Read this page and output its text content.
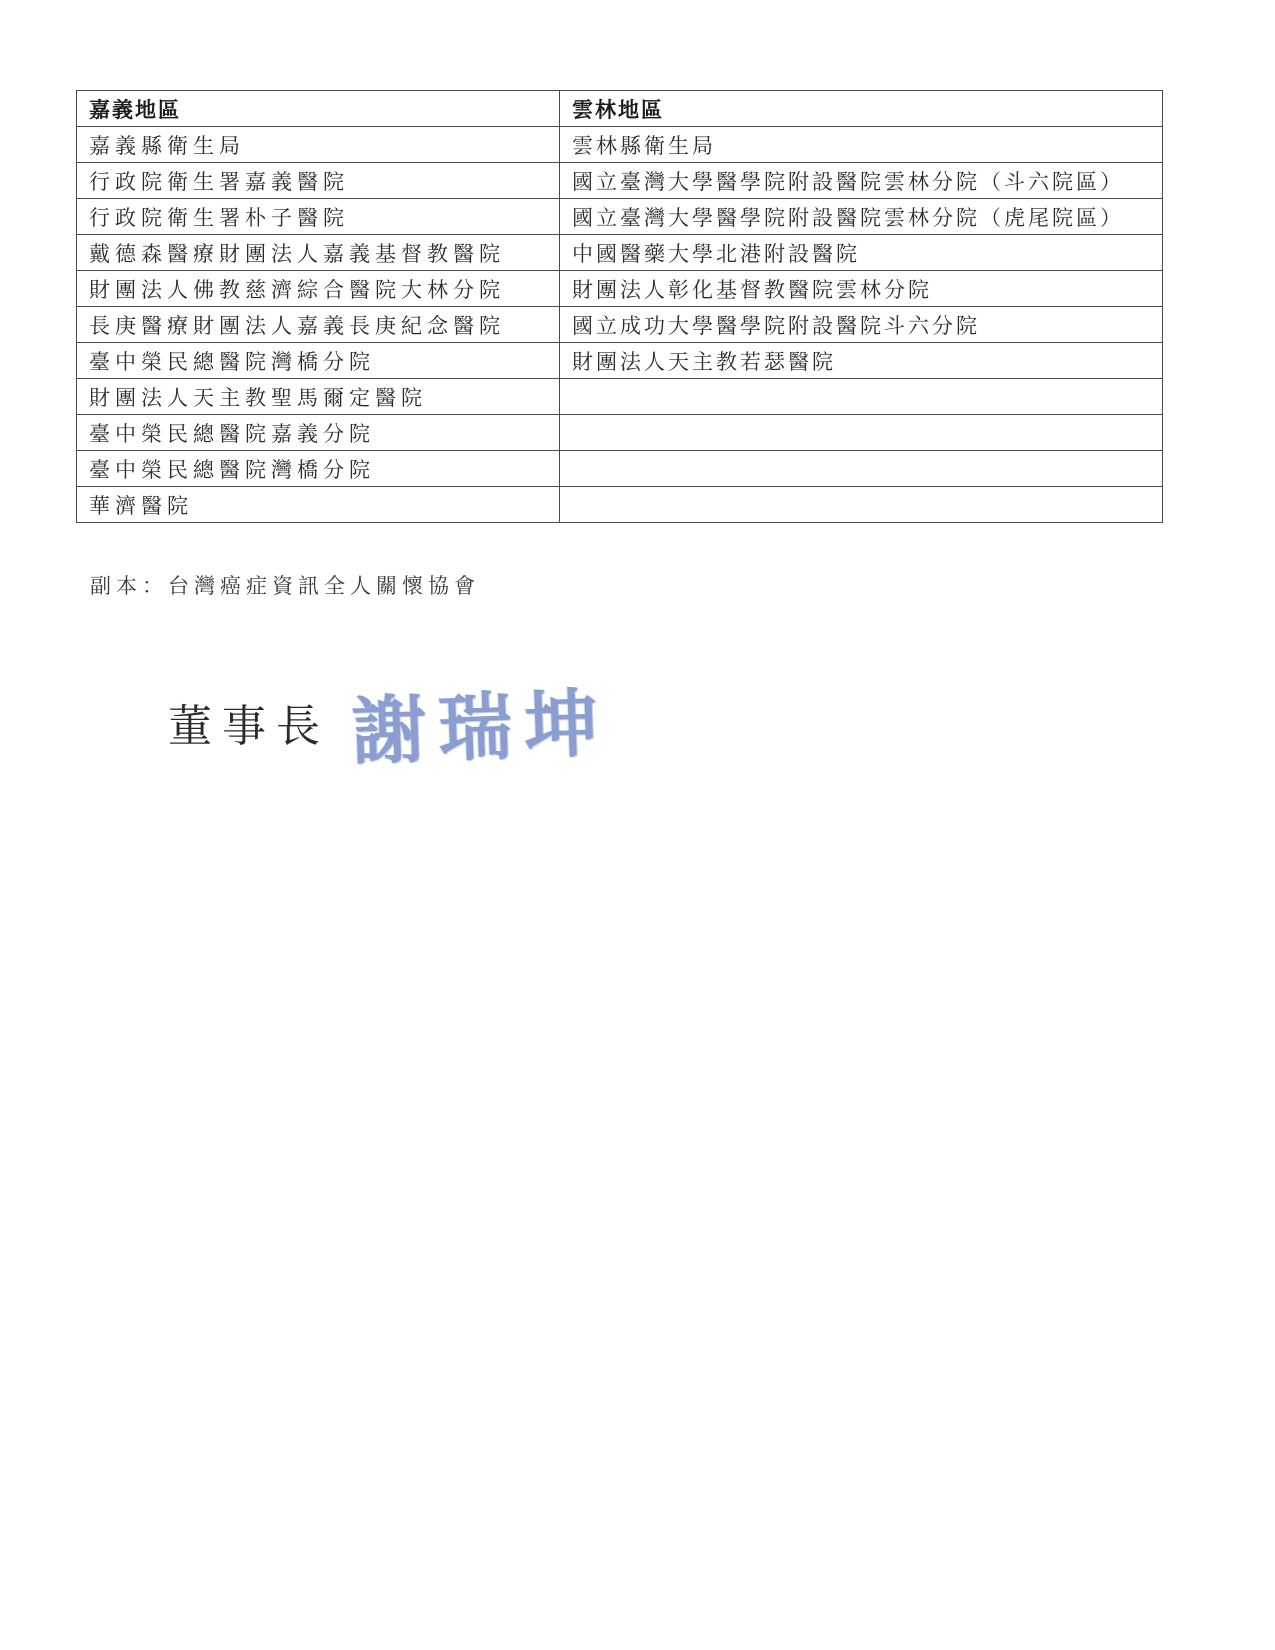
嘉義地區	雲林地區
嘉義縣衛生局	雲林縣衛生局
行政院衛生署嘉義醫院	國立臺灣大學醫學院附設醫院雲林分院（斗六院區）
行政院衛生署朴子醫院	國立臺灣大學醫學院附設醫院雲林分院（虎尾院區）
戴德森醫療財團法人嘉義基督教醫院	中國醫藥大學北港附設醫院
財團法人佛教慈濟綜合醫院大林分院	財團法人彰化基督教醫院雲林分院
長庚醫療財團法人嘉義長庚紀念醫院	國立成功大學醫學院附設醫院斗六分院
臺中榮民總醫院灣橋分院	財團法人天主教若瑟醫院
財團法人天主教聖馬爾定醫院	
臺中榮民總醫院嘉義分院	
臺中榮民總醫院灣橋分院	
華濟醫院	
副本：台灣癌症資訊全人關懷協會
董事長 謝瑞坤
